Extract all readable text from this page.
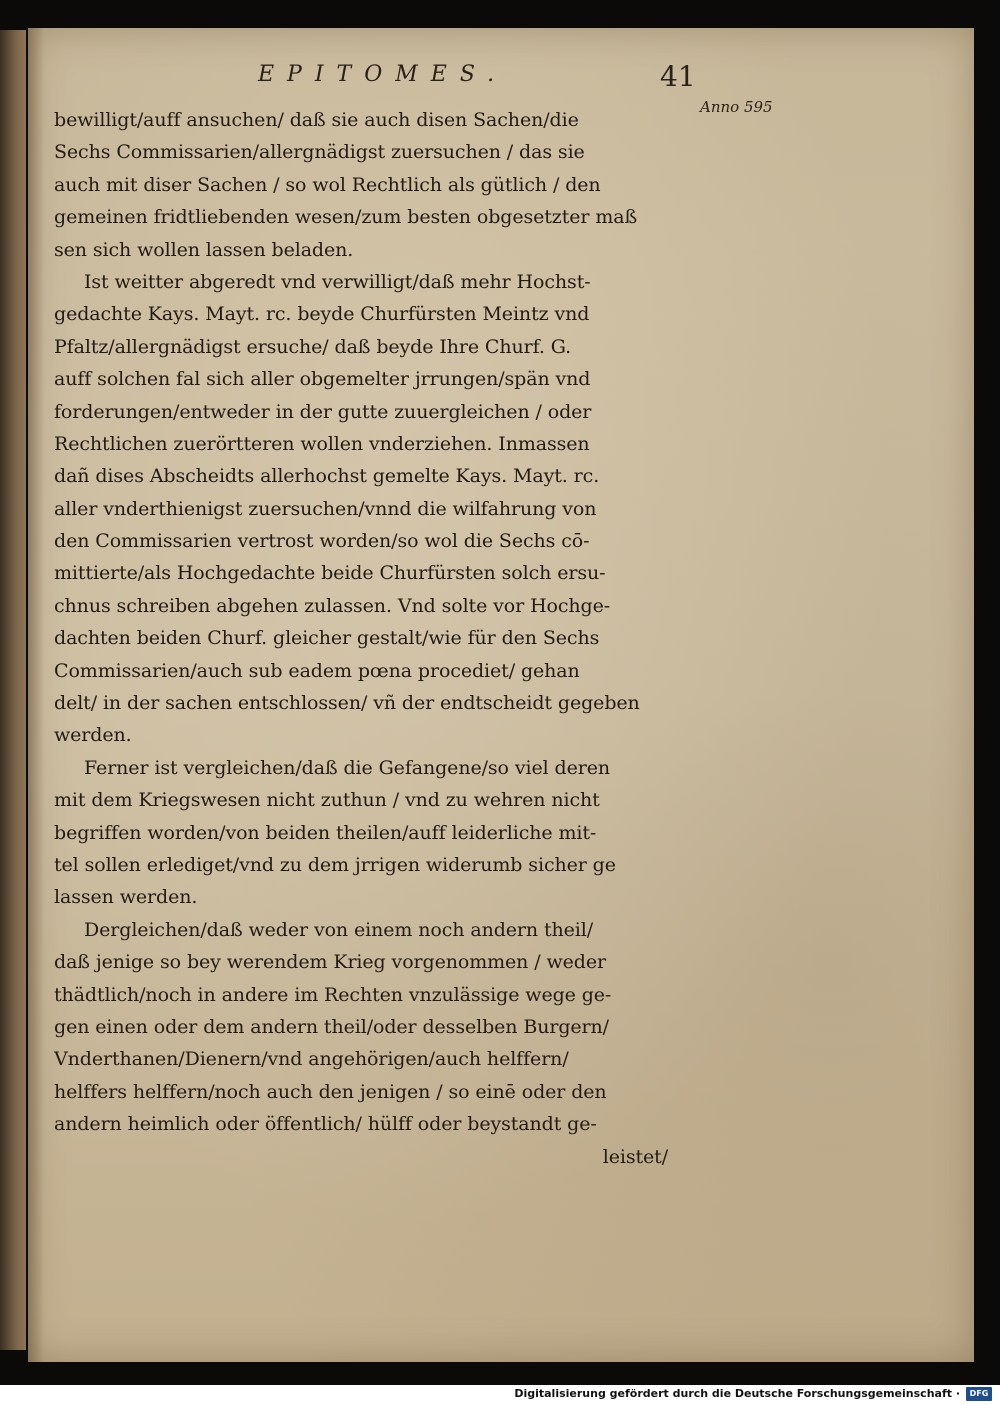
EPITOMES.	41
Anno 595
bewilligt/auff ansuchen/ daß sie auch disen Sachen/die
Sechs Commissarien/allergnädigst zuersuchen / das sie
auch mit diser Sachen / so wol Rechtlich als gütlich / den
gemeinen fridtliebenden wesen/zum besten obgesetzter maß
sen sich wollen lassen beladen.
Ist weitter abgeredt vnd verwilligt/daß mehr Hochst-
gedachte Kays. Mayt. rc. beyde Churfürsten Meintz vnd
Pfaltz/allergnädigst ersuche/ daß beyde Ihre Churf. G.
auff solchen fal sich aller obgemelter jrrungen/spän vnd
forderungen/entweder in der gutte zuuergleichen / oder
Rechtlichen zuerörtteren wollen vnderziehen. Inmassen
dañ dises Abscheidts allerhochst gemelte Kays. Mayt. rc.
aller vnderthienigst zuersuchen/vnnd die wilfahrung von
den Commissarien vertrost worden/so wol die Sechs cō-
mittierte/als Hochgedachte beide Churfürsten solch ersu-
chnus schreiben abgehen zulassen. Vnd solte vor Hochge-
dachten beiden Churf. gleicher gestalt/wie für den Sechs
Commissarien/auch sub eadem pœna procediet/ gehan
delt/ in der sachen entschlossen/ vñ der endtscheidt gegeben
werden.
Ferner ist vergleichen/daß die Gefangene/so viel deren
mit dem Kriegswesen nicht zuthun / vnd zu wehren nicht
begriffen worden/von beiden theilen/auff leiderliche mit-
tel sollen erlediget/vnd zu dem jrrigen widerumb sicher ge
lassen werden.
Dergleichen/daß weder von einem noch andern theil/
daß jenige so bey werendem Krieg vorgenommen / weder
thädtlich/noch in andere im Rechten vnzulässige wege ge-
gen einen oder dem andern theil/oder desselben Burgern/
Vnderthanen/Dienern/vnd angehörigen/auch helffern/
helffers helffern/noch auch den jenigen / so einē oder den
andern heimlich oder öffentlich/ hülff oder beystandt ge-
leistet/
Digitalisierung gefördert durch die Deutsche Forschungsgemeinschaft ·	DFG
